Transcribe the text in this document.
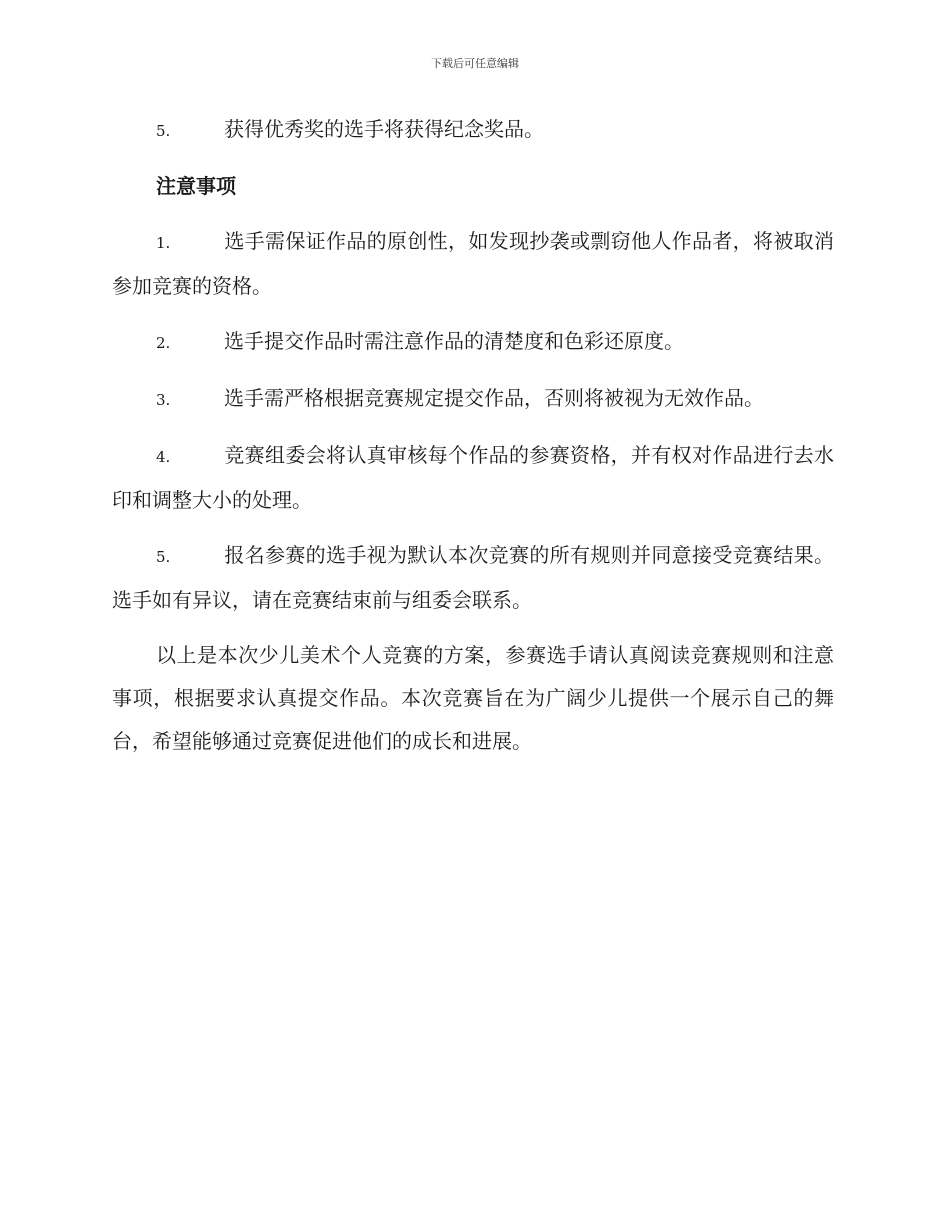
下载后可任意编辑

5.	获得优秀奖的选手将获得纪念奖品。

注意事项

1.	选手需保证作品的原创性，如发现抄袭或剽窃他人作品者，将被取消参加竞赛的资格。

2.	选手提交作品时需注意作品的清楚度和色彩还原度。

3.	选手需严格根据竞赛规定提交作品，否则将被视为无效作品。

4.	竞赛组委会将认真审核每个作品的参赛资格，并有权对作品进行去水印和调整大小的处理。

5.	报名参赛的选手视为默认本次竞赛的所有规则并同意接受竞赛结果。选手如有异议，请在竞赛结束前与组委会联系。

以上是本次少儿美术个人竞赛的方案，参赛选手请认真阅读竞赛规则和注意事项，根据要求认真提交作品。本次竞赛旨在为广阔少儿提供一个展示自己的舞台，希望能够通过竞赛促进他们的成长和进展。
